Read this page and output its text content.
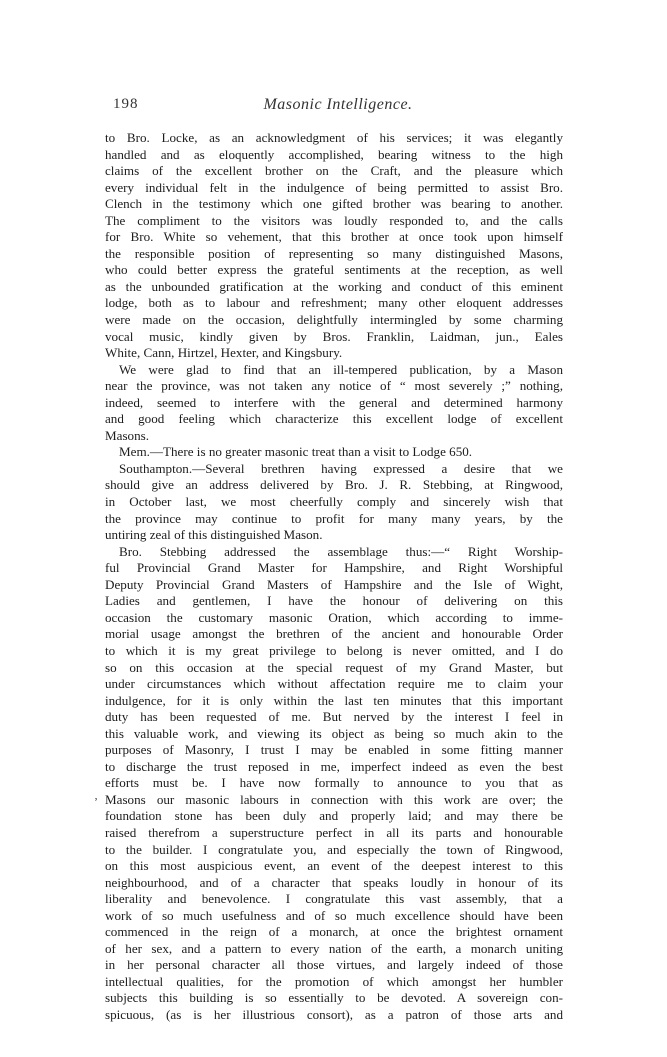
198	Masonic Intelligence.
‚
to Bro. Locke, as an acknowledgment of his services; it was elegantly
handled and as eloquently accomplished, bearing witness to the high
claims of the excellent brother on the Craft, and the pleasure which
every individual felt in the indulgence of being permitted to assist Bro.
Clench in the testimony which one gifted brother was bearing to another.
The compliment to the visitors was loudly responded to, and the calls
for Bro. White so vehement, that this brother at once took upon himself
the responsible position of representing so many distinguished Masons,
who could better express the grateful sentiments at the reception, as well
as the unbounded gratification at the working and conduct of this eminent
lodge, both as to labour and refreshment; many other eloquent addresses
were made on the occasion, delightfully intermingled by some charming
vocal music, kindly given by Bros. Franklin, Laidman, jun., Eales
White, Cann, Hirtzel, Hexter, and Kingsbury.
We were glad to find that an ill-tempered publication, by a Mason
near the province, was not taken any notice of “ most severely ;” nothing,
indeed, seemed to interfere with the general and determined harmony
and good feeling which characterize this excellent lodge of excellent
Masons.
Mem.—There is no greater masonic treat than a visit to Lodge 650.
Southampton.—Several brethren having expressed a desire that we
should give an address delivered by Bro. J. R. Stebbing, at Ringwood,
in October last, we most cheerfully comply and sincerely wish that
the province may continue to profit for many many years, by the
untiring zeal of this distinguished Mason.
Bro. Stebbing addressed the assemblage thus:—“ Right Worship-
ful Provincial Grand Master for Hampshire, and Right Worshipful
Deputy Provincial Grand Masters of Hampshire and the Isle of Wight,
Ladies and gentlemen, I have the honour of delivering on this
occasion the customary masonic Oration, which according to imme-
morial usage amongst the brethren of the ancient and honourable Order
to which it is my great privilege to belong is never omitted, and I do
so on this occasion at the special request of my Grand Master, but
under circumstances which without affectation require me to claim your
indulgence, for it is only within the last ten minutes that this important
duty has been requested of me. But nerved by the interest I feel in
this valuable work, and viewing its object as being so much akin to the
purposes of Masonry, I trust I may be enabled in some fitting manner
to discharge the trust reposed in me, imperfect indeed as even the best
efforts must be. I have now formally to announce to you that as
Masons our masonic labours in connection with this work are over; the
foundation stone has been duly and properly laid; and may there be
raised therefrom a superstructure perfect in all its parts and honourable
to the builder. I congratulate you, and especially the town of Ringwood,
on this most auspicious event, an event of the deepest interest to this
neighbourhood, and of a character that speaks loudly in honour of its
liberality and benevolence. I congratulate this vast assembly, that a
work of so much usefulness and of so much excellence should have been
commenced in the reign of a monarch, at once the brightest ornament
of her sex, and a pattern to every nation of the earth, a monarch uniting
in her personal character all those virtues, and largely indeed of those
intellectual qualities, for the promotion of which amongst her humbler
subjects this building is so essentially to be devoted. A sovereign con-
spicuous, (as is her illustrious consort), as a patron of those arts and
